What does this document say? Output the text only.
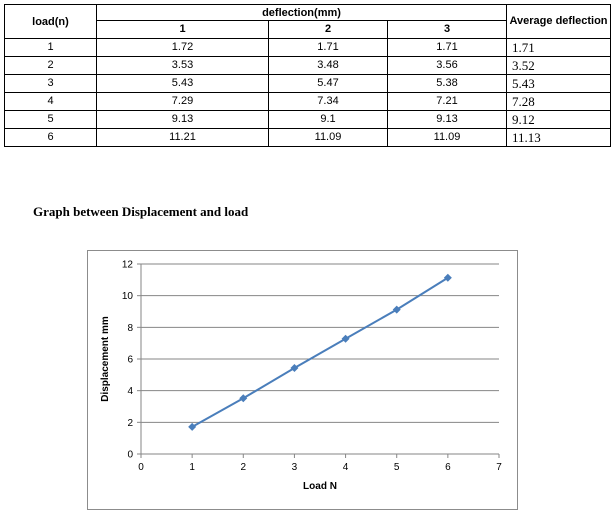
load(n)	deflection(mm)			Average deflection
	1	2	3	
1	1.72	1.71	1.71	1.71
2	3.53	3.48	3.56	3.52
3	5.43	5.47	5.38	5.43
4	7.29	7.34	7.21	7.28
5	9.13	9.1	9.13	9.12
6	11.21	11.09	11.09	11.13
Graph between Displacement and load
0
2
4
6
8
10
12
0	1	2	3	4	5	6	7
Load N
Displacement mm
